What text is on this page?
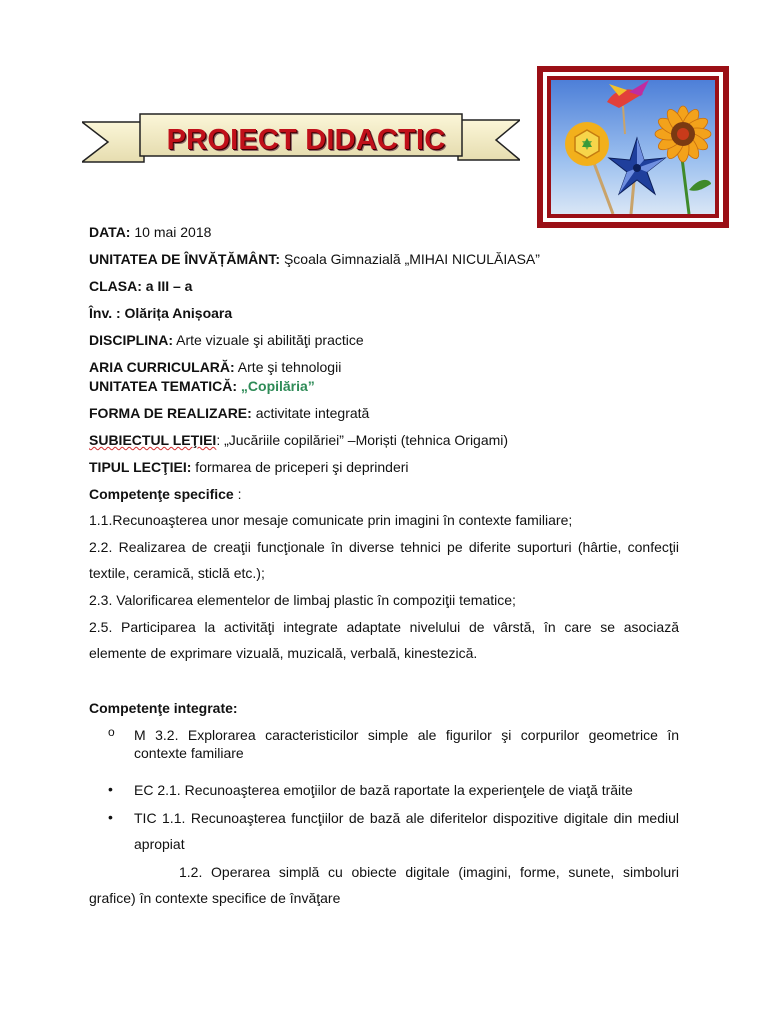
PROIECT DIDACTIC
DATA: 10 mai 2018
UNITATEA DE ÎNVĂȚĂMÂNT: Şcoala Gimnazială „MIHAI NICULĂIASA”
CLASA: a III – a
Înv. : Olărița Anișoara
DISCIPLINA: Arte vizuale şi abilităţi practice
ARIA CURRICULARĂ: Arte şi tehnologii
UNITATEA TEMATICĂ: „Copilăria”
FORMA DE REALIZARE: activitate integrată
SUBIECTUL LEŢIEI: „Jucăriile copilăriei” –Moriști (tehnica Origami)
TIPUL LECŢIEI: formarea de priceperi şi deprinderi
Competenţe specifice :
1.1.Recunoaşterea unor mesaje comunicate prin imagini în contexte familiare;
2.2. Realizarea de creaţii funcţionale în diverse tehnici pe diferite suporturi (hârtie, confecţii textile, ceramică, sticlă etc.);
2.3. Valorificarea elementelor de limbaj plastic în compoziţii tematice;
2.5. Participarea la activităţi integrate adaptate nivelului de vârstă, în care se asociază elemente de exprimare vizuală, muzicală, verbală, kinestezică.
Competenţe integrate:
o M 3.2. Explorarea caracteristicilor simple ale figurilor şi corpurilor geometrice în contexte familiare
• EC 2.1. Recunoaşterea emoţiilor de bază raportate la experienţele de viaţă trăite
• TIC 1.1. Recunoaşterea funcţiilor de bază ale diferitelor dispozitive digitale din mediul apropiat
1.2. Operarea simplă cu obiecte digitale (imagini, forme, sunete, simboluri grafice) în contexte specifice de învăţare
